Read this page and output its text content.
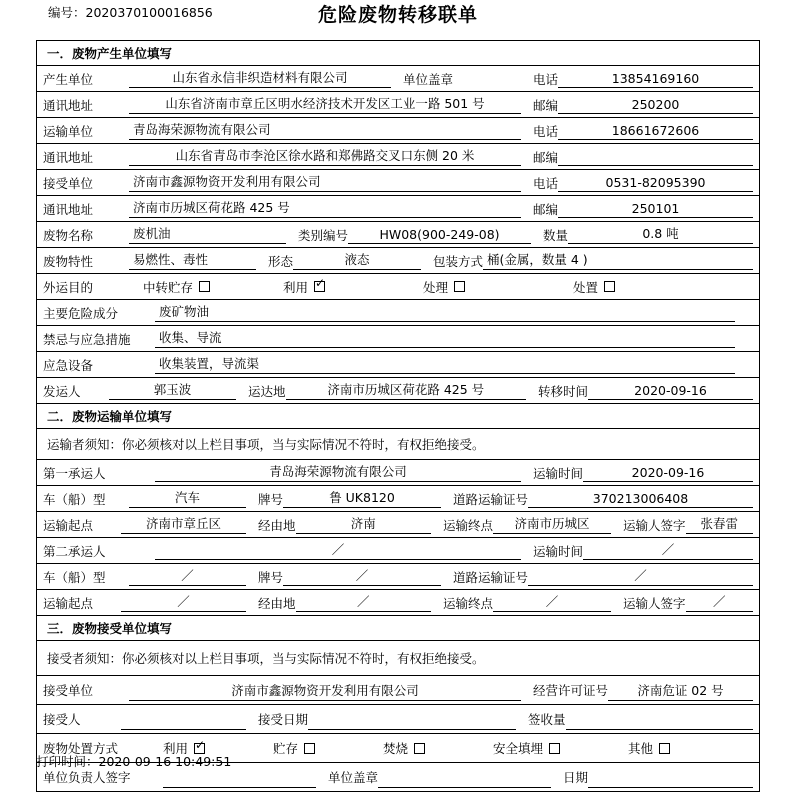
编号：2020370100016856	危险废物转移联单
一．废物产生单位填写
产生单位	山东省永信非织造材料有限公司	单位盖章	电话	13854169160
通讯地址	山东省济南市章丘区明水经济技术开发区工业一路 501 号	邮编	250200
运输单位	青岛海荣源物流有限公司	电话	18661672606
通讯地址	山东省青岛市李沧区徐水路和郑佛路交叉口东侧 20 米	邮编
接受单位	济南市鑫源物资开发利用有限公司	电话	0531-82095390
通讯地址	济南市历城区荷花路 425 号	邮编	250101
废物名称	废机油	类别编号	HW08(900-249-08)	数量	0.8 吨
废物特性	易燃性、毒性	形态	液态	包装方式 桶(金属，数量 4 )
外运目的	中转贮存	利用 ✓	处理	处置
主要危险成分	废矿物油
禁忌与应急措施	收集、导流
应急设备	收集装置，导流渠
发运人	郭玉波	运达地	济南市历城区荷花路 425 号	转移时间	2020-09-16
二．废物运输单位填写
运输者须知：你必须核对以上栏目事项，当与实际情况不符时，有权拒绝接受。
第一承运人	青岛海荣源物流有限公司	运输时间	2020-09-16
车（船）型	汽车	牌号	鲁 UK8120	道路运输证号	370213006408
运输起点	济南市章丘区	经由地	济南	运输终点	济南市历城区	运输人签字	张春雷
第二承运人	／	运输时间	／
车（船）型	／	牌号	／	道路运输证号	／
运输起点	／	经由地	／	运输终点	／	运输人签字	／
三．废物接受单位填写
接受者须知：你必须核对以上栏目事项，当与实际情况不符时，有权拒绝接受。
接受单位	济南市鑫源物资开发利用有限公司	经营许可证号	济南危证 02 号
接受人	接受日期	签收量
废物处置方式	利用 ✓	贮存	焚烧	安全填埋	其他
单位负责人签字	单位盖章	日期
打印时间：2020-09-16 10:49:51
